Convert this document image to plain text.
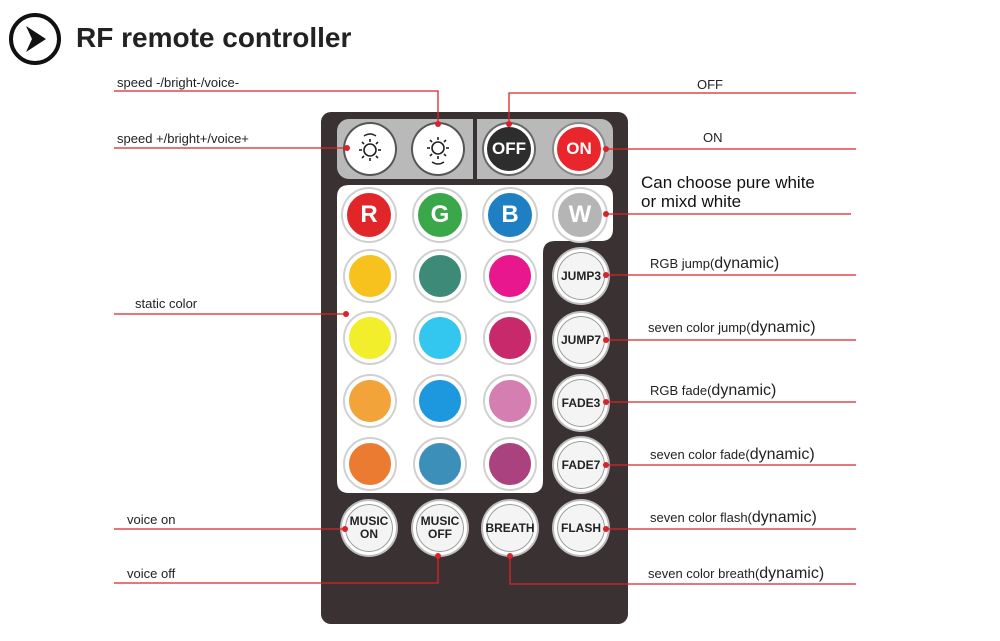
RF remote controller
OFF ON
R G B W
JUMP3
JUMP7
FADE3
FADE7
FLASH
BREATH
MUSIC
ON
MUSIC
OFF
speed -/bright-/voice-
speed +/bright+/voice+
OFF
ON
Can choose pure white
or mixd white
static color
voice on
voice off
RGB jump(dynamic)
seven color jump(dynamic)
RGB fade(dynamic)
seven color fade(dynamic)
seven color flash(dynamic)
seven color breath(dynamic)
